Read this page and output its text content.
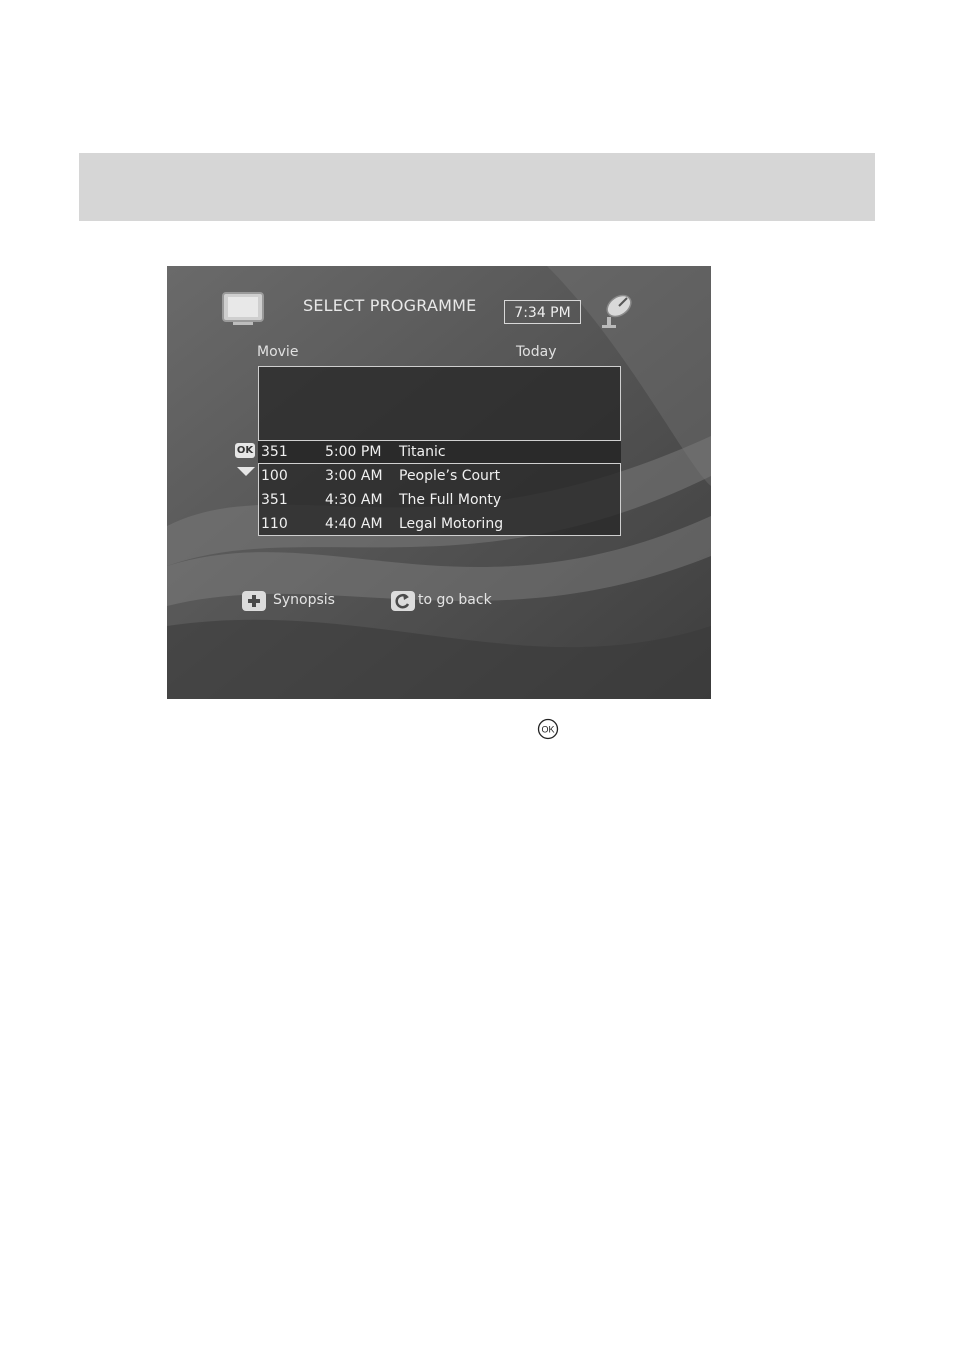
SELECT PROGRAMME	7:34 PM
Movie	Today
351	5:00 PM Titanic
100	3:00 AM People’s Court
351	4:30 AM The Full Monty
110	4:40 AM Legal Motoring
OK
Synopsis	to go back
OK
